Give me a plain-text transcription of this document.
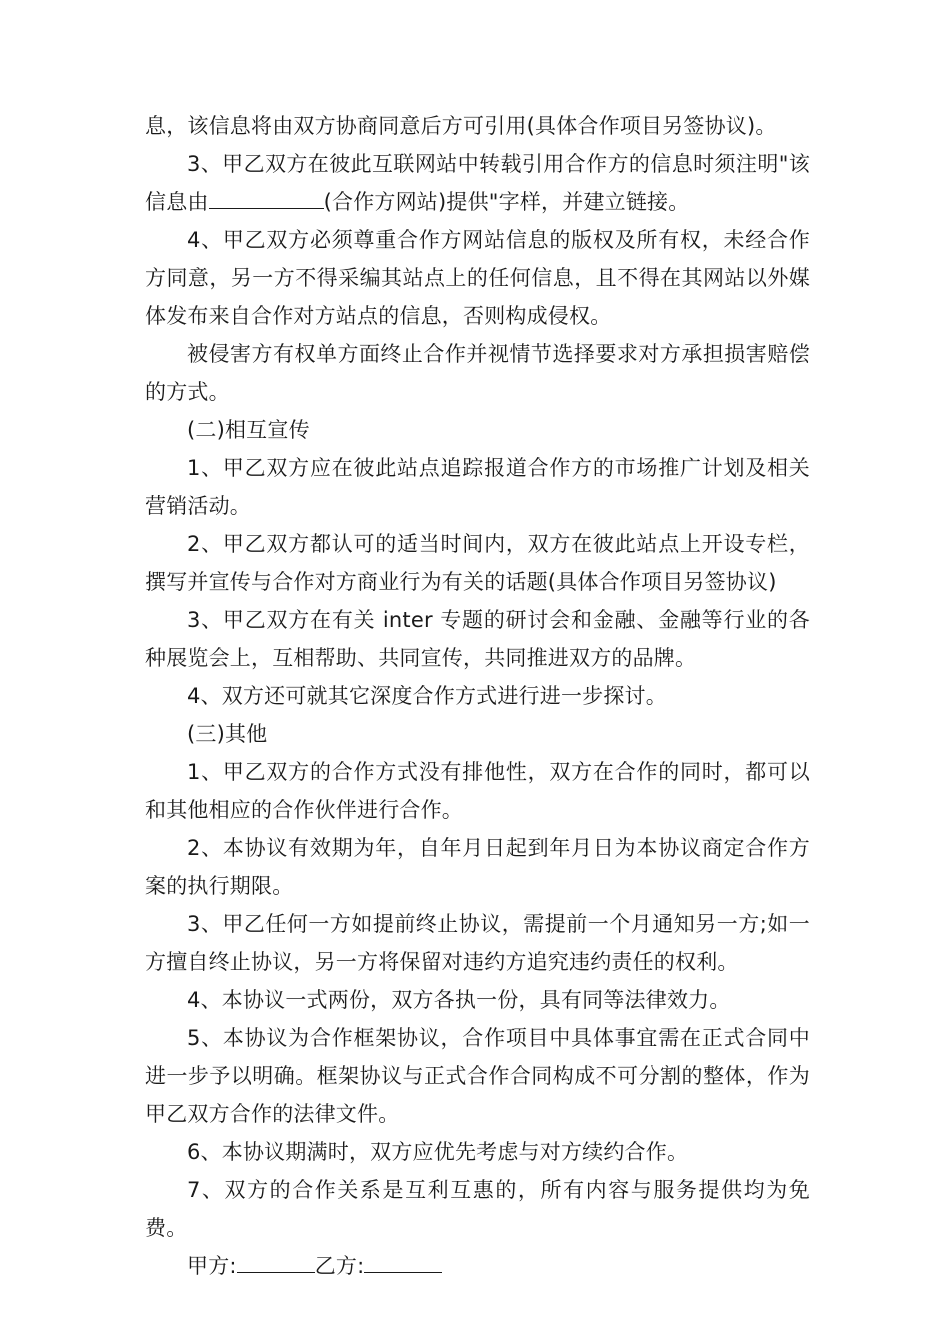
息，该信息将由双方协商同意后方可引用(具体合作项目另签协议)。

3、甲乙双方在彼此互联网站中转载引用合作方的信息时须注明"该信息由	(合作方网站)提供"字样，并建立链接。

4、甲乙双方必须尊重合作方网站信息的版权及所有权，未经合作方同意，另一方不得采编其站点上的任何信息，且不得在其网站以外媒体发布来自合作对方站点的信息，否则构成侵权。

被侵害方有权单方面终止合作并视情节选择要求对方承担损害赔偿的方式。

(二)相互宣传

1、甲乙双方应在彼此站点追踪报道合作方的市场推广计划及相关营销活动。

2、甲乙双方都认可的适当时间内，双方在彼此站点上开设专栏，撰写并宣传与合作对方商业行为有关的话题(具体合作项目另签协议)

3、甲乙双方在有关 inter 专题的研讨会和金融、金融等行业的各种展览会上，互相帮助、共同宣传，共同推进双方的品牌。

4、双方还可就其它深度合作方式进行进一步探讨。

(三)其他

1、甲乙双方的合作方式没有排他性，双方在合作的同时，都可以和其他相应的合作伙伴进行合作。

2、本协议有效期为年，自年月日起到年月日为本协议商定合作方案的执行期限。

3、甲乙任何一方如提前终止协议，需提前一个月通知另一方;如一方擅自终止协议，另一方将保留对违约方追究违约责任的权利。

4、本协议一式两份，双方各执一份，具有同等法律效力。

5、本协议为合作框架协议，合作项目中具体事宜需在正式合同中进一步予以明确。框架协议与正式合作合同构成不可分割的整体，作为甲乙双方合作的法律文件。

6、本协议期满时，双方应优先考虑与对方续约合作。

7、双方的合作关系是互利互惠的，所有内容与服务提供均为免费。

甲方:	乙方:
